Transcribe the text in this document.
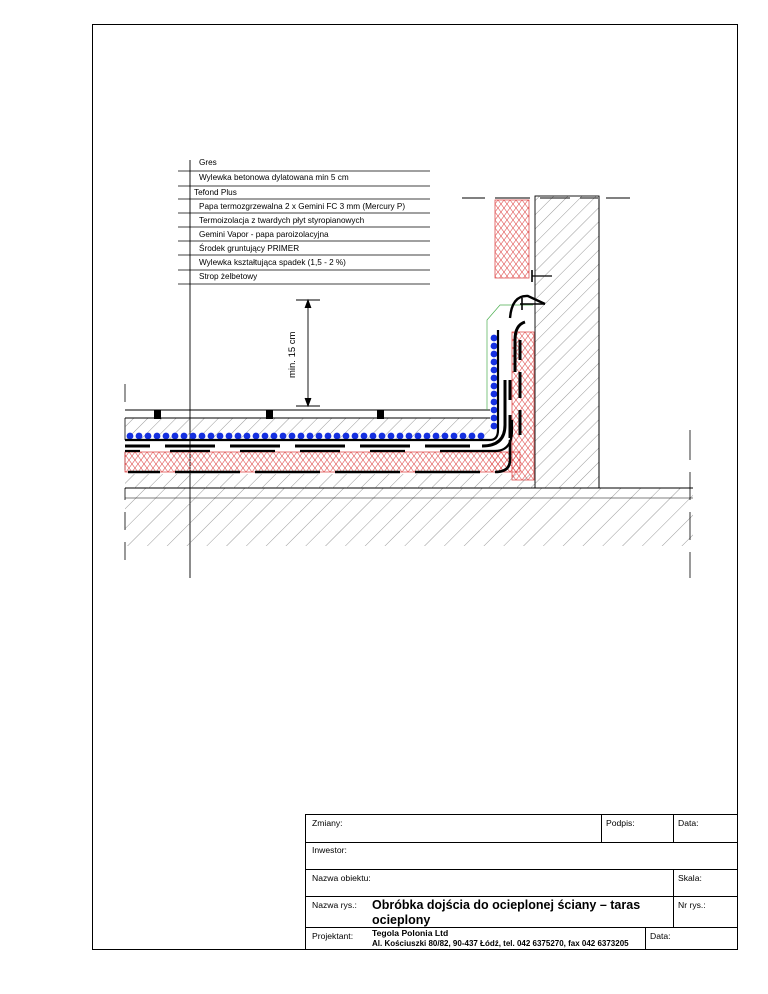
min. 15 cm
Gres
Wylewka betonowa dylatowana min 5 cm
Tefond Plus
Papa termozgrzewalna 2 x Gemini FC 3 mm (Mercury P)
Termoizolacja z twardych płyt styropianowych
Gemini Vapor - papa paroizolacyjna
Środek gruntujący PRIMER
Wylewka kształtująca spadek (1,5 - 2 %)
Strop żelbetowy
Zmiany:	Podpis:	Data:
Inwestor:
Nazwa obiektu:	Skala:
Nazwa rys.: Obróbka dojścia do ocieplonej ściany – taras ocieplony
Nr rys.:
Projektant: Tegola Polonia Ltd
Al. Kościuszki 80/82, 90-437 Łódź, tel. 042 6375270, fax 042 6373205
Data:
